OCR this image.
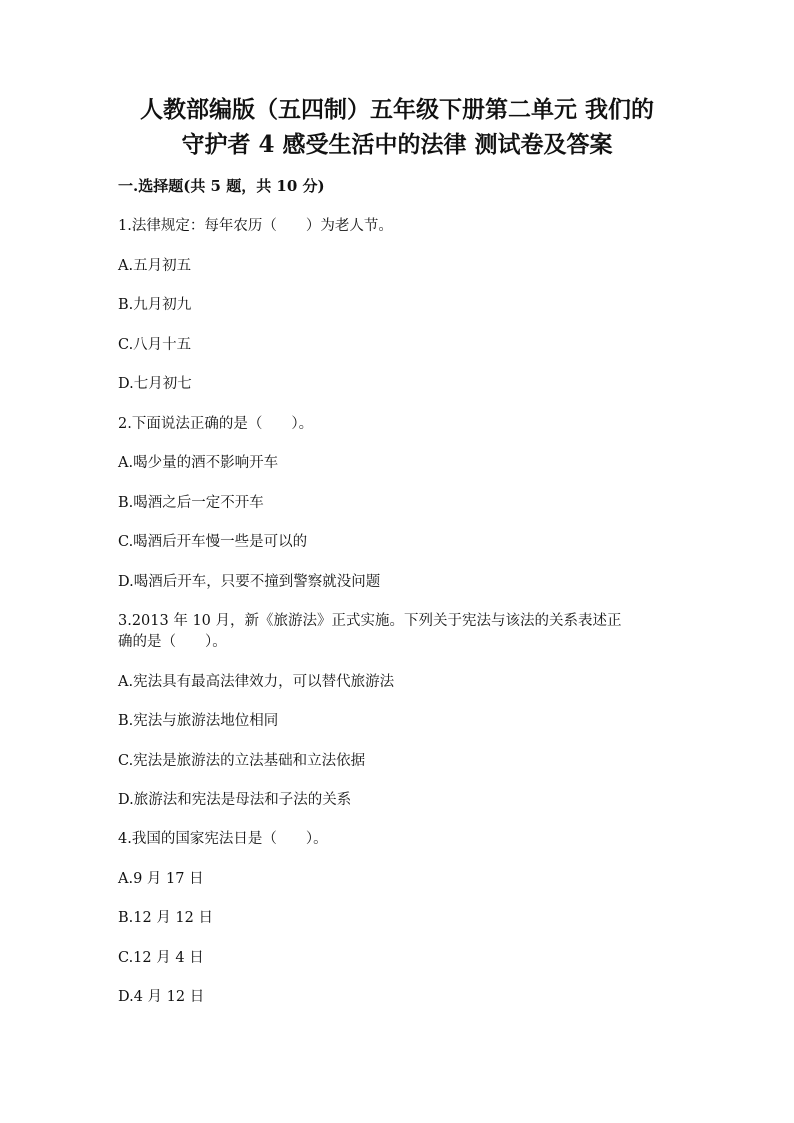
人教部编版（五四制）五年级下册第二单元 我们的
守护者 4 感受生活中的法律 测试卷及答案
一.选择题(共 5 题，共 10 分)
1.法律规定：每年农历（　　）为老人节。
A.五月初五
B.九月初九
C.八月十五
D.七月初七
2.下面说法正确的是（　　）。
A.喝少量的酒不影响开车
B.喝酒之后一定不开车
C.喝酒后开车慢一些是可以的
D.喝酒后开车，只要不撞到警察就没问题
3.2013 年 10 月，新《旅游法》正式实施。下列关于宪法与该法的关系表述正
确的是（　　）。
A.宪法具有最高法律效力，可以替代旅游法
B.宪法与旅游法地位相同
C.宪法是旅游法的立法基础和立法依据
D.旅游法和宪法是母法和子法的关系
4.我国的国家宪法日是（　　）。
A.9 月 17 日
B.12 月 12 日
C.12 月 4 日
D.4 月 12 日
